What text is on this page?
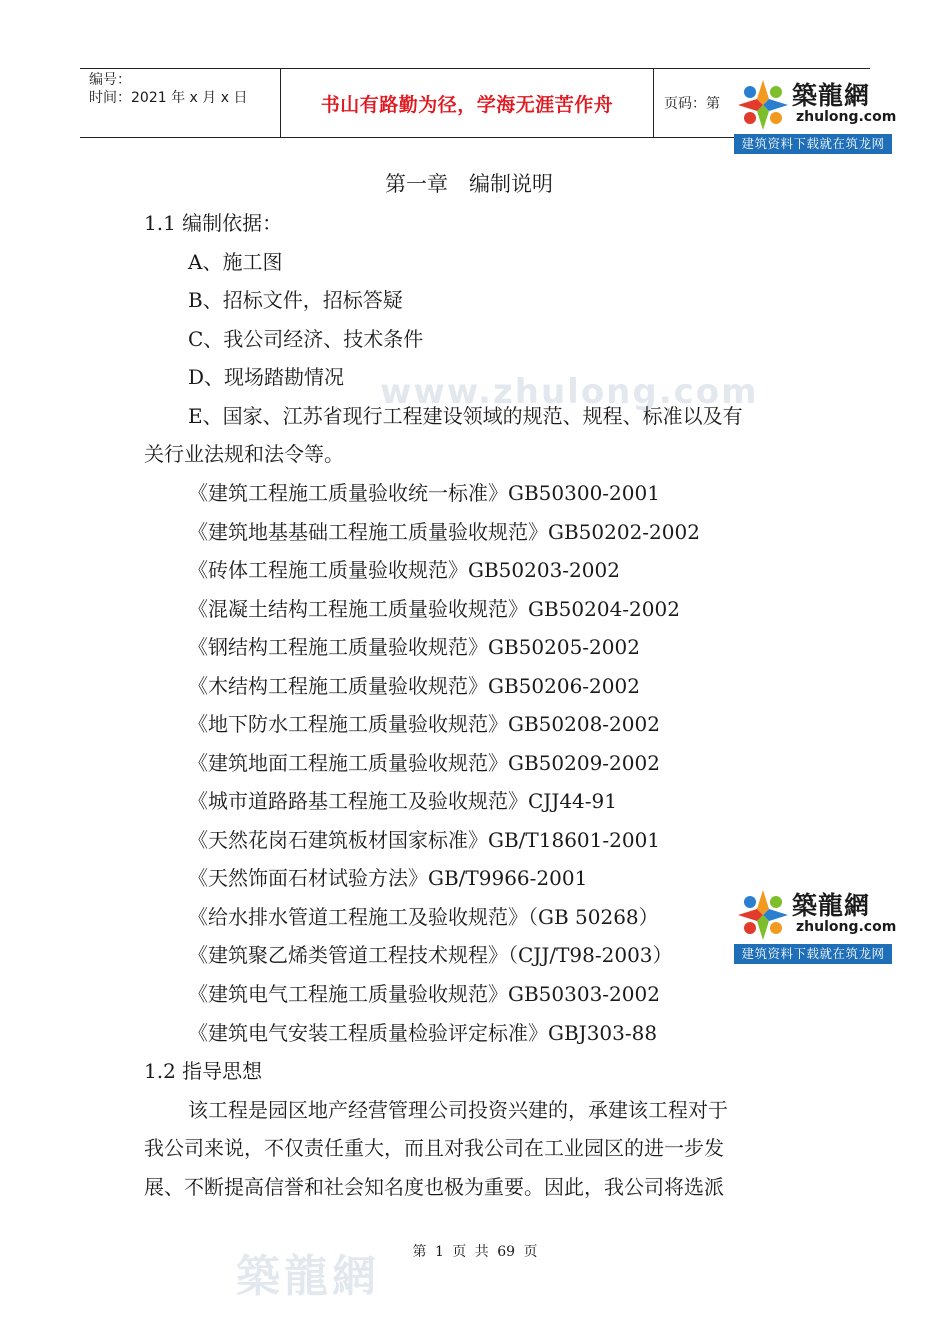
编号：
时间：2021 年 x 月 x 日	书山有路勤为径，学海无涯苦作舟	页码：第	築龍網
zhulong.com
建筑资料下载就在筑龙网
築龍網
zhulong.com
建筑资料下载就在筑龙网
www.zhulong.com
築龍網
第一章　编制说明
1.1 编制依据：
A、施工图
B、招标文件，招标答疑
C、我公司经济、技术条件
D、现场踏勘情况
E、国家、江苏省现行工程建设领域的规范、规程、标准以及有
关行业法规和法令等。
《建筑工程施工质量验收统一标准》GB50300-2001
《建筑地基基础工程施工质量验收规范》GB50202-2002
《砖体工程施工质量验收规范》GB50203-2002
《混凝土结构工程施工质量验收规范》GB50204-2002
《钢结构工程施工质量验收规范》GB50205-2002
《木结构工程施工质量验收规范》GB50206-2002
《地下防水工程施工质量验收规范》GB50208-2002
《建筑地面工程施工质量验收规范》GB50209-2002
《城市道路路基工程施工及验收规范》CJJ44-91
《天然花岗石建筑板材国家标准》GB/T18601-2001
《天然饰面石材试验方法》GB/T9966-2001
《给水排水管道工程施工及验收规范》（GB 50268）
《建筑聚乙烯类管道工程技术规程》（CJJ/T98-2003）
《建筑电气工程施工质量验收规范》GB50303-2002
《建筑电气安装工程质量检验评定标准》GBJ303-88
1.2 指导思想
该工程是园区地产经营管理公司投资兴建的，承建该工程对于
我公司来说，不仅责任重大，而且对我公司在工业园区的进一步发
展、不断提高信誉和社会知名度也极为重要。因此，我公司将选派
第 1 页 共 69 页
